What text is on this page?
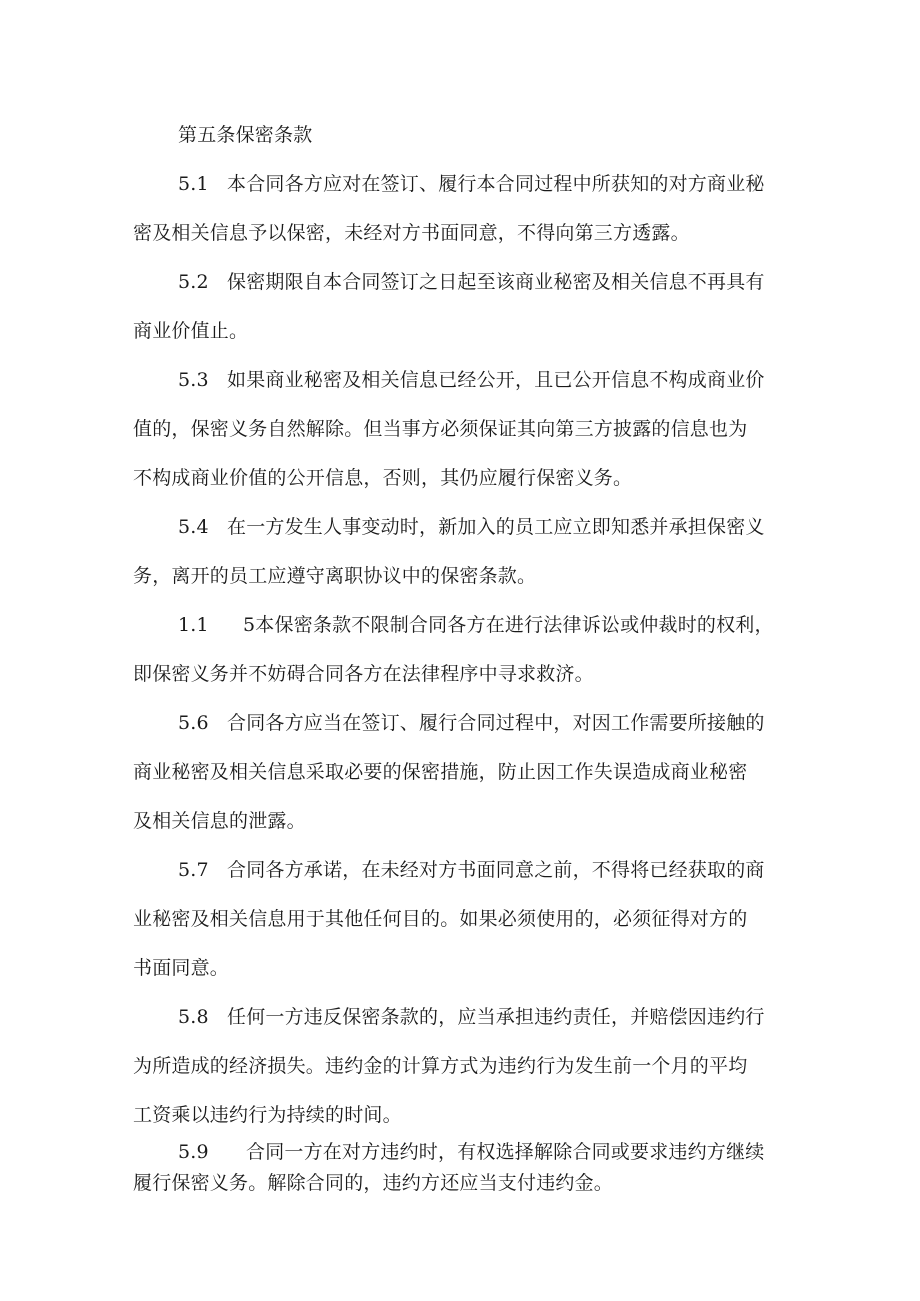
第五条保密条款

5.1 本合同各方应对在签订、履行本合同过程中所获知的对方商业秘

密及相关信息予以保密，未经对方书面同意，不得向第三方透露。

5.2 保密期限自本合同签订之日起至该商业秘密及相关信息不再具有

商业价值止。

5.3 如果商业秘密及相关信息已经公开，且已公开信息不构成商业价

值的，保密义务自然解除。但当事方必须保证其向第三方披露的信息也为

不构成商业价值的公开信息，否则，其仍应履行保密义务。

5.4 在一方发生人事变动时，新加入的员工应立即知悉并承担保密义

务，离开的员工应遵守离职协议中的保密条款。

1.1 5本保密条款不限制合同各方在进行法律诉讼或仲裁时的权利，

即保密义务并不妨碍合同各方在法律程序中寻求救济。

5.6 合同各方应当在签订、履行合同过程中，对因工作需要所接触的

商业秘密及相关信息采取必要的保密措施，防止因工作失误造成商业秘密

及相关信息的泄露。

5.7 合同各方承诺，在未经对方书面同意之前，不得将已经获取的商

业秘密及相关信息用于其他任何目的。如果必须使用的，必须征得对方的

书面同意。

5.8 任何一方违反保密条款的，应当承担违约责任，并赔偿因违约行

为所造成的经济损失。违约金的计算方式为违约行为发生前一个月的平均

工资乘以违约行为持续的时间。

5.9 合同一方在对方违约时，有权选择解除合同或要求违约方继续

履行保密义务。解除合同的，违约方还应当支付违约金。
